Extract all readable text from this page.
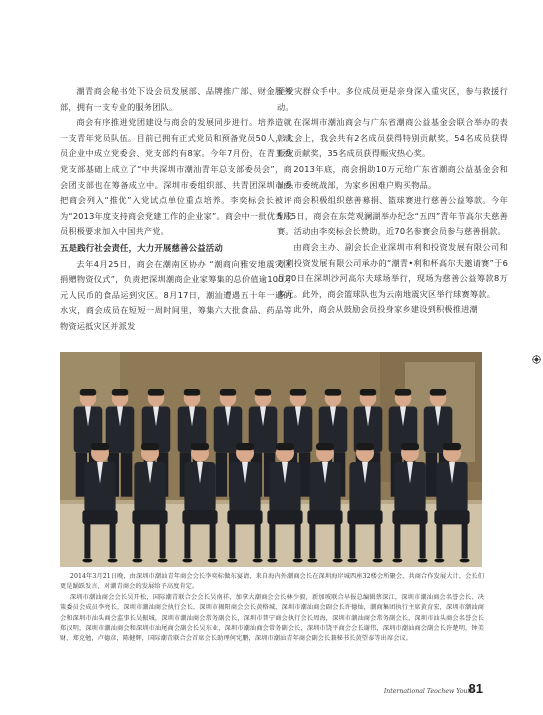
潮青商会秘书处下设会员发展部、品牌推广部、财金服务部，拥有一支专业的服务团队。

商会有序推进党团建设与商会的发展同步进行。培养造就一支青年党员队伍。目前已拥有正式党员和预备党员50人，成员企业中成立党委会、党支部约有8家。今年7月份，在青工委党支部基础上成立了“中共深圳市潮汕青年总支部委员会”，商会团支部也在筹备成立中。深圳市委组织部、共青团深圳市委把商会列入“推优”入党试点单位重点培养。李奕标会长被评为“2013年度支持商会党建工作的企业家”。商会中一批优秀成员积极要求加入中国共产党。

五是践行社会责任，大力开展慈善公益活动

去年4月25日，商会在潮南区协办 “潮商向雅安地震灾区捐赠物资仪式”，负责把深圳潮商企业家筹集的总价值逾100万元人民币的食品运到灾区。8月17日，潮汕遭遇五十年一遇的水灾，商会成员在短短一周时间里，筹集六大批食品、药品等物资运抵灾区并派发

至受灾群众手中。多位成员更是亲身深入重灾区，参与救援行动。

在深圳市潮汕商会与广东省潮商公益基金会联合举办的表彰大会上，我会共有2名成员获得特别贡献奖，54名成员获得赈灾贡献奖，35名成员获得赈灾热心奖。

2013年底，商会捐助10万元给广东省潮商公益基金会和汕头市委统战部，为家乡困难户购买物品。

商会积极组织慈善募捐、篮球赛进行慈善公益筹款。今年5月5日，商会在东莞观澜湖举办纪念“五四”青年节高尔夫慈善赛。活动由李奕标会长赞助，近70名参赛会员参与慈善捐款。

由商会主办、副会长企业深圳市利和投资发展有限公司和万利投资发展有限公司承办的“潮青•利和杯高尔夫邀请赛”于6月20日在深圳沙河高尔夫球场举行，现场为慈善公益筹款8万多元。此外，商会篮球队也为云南地震灾区举行球赛筹款。

此外，商会从鼓励会员投身家乡建设到积极推进潮

2014年3月21日晚，由深圳市潮汕青年商会会长李奕标做东宴请，来自海内外潮商会长在深圳海岸城西座32楼会所聚会，共商合作发展大计，会长们更是踊跃发言，对潮青商会的发展给予高度肯定。

深圳市潮汕商会会长吴开松，国际潮青联合会会长吴南祥，加拿大潮商会会长林少毅，新加坡联合早报总编辑蔡深江，深圳市潮汕商会名誉会长、决策委员会成员李亮长，深圳市潮汕商会执行会长、深圳市揭阳商会会长黄格城，深圳市潮汕商会副会长许德灿，潮商集团执行主席黄育宏，深圳市潮汕商会和深圳市汕头商会监事长吴振城，深圳市潮汕商会常务副会长，深圳市普宁商会执行会长周海，深圳市潮汕商会常务副会长，深圳市汕头商会名誉会长郑汉明，深圳市潮汕商会和深圳市汕尾商会副会长吴东业，深圳市潮汕商会常务副会长，深圳市饶平商会会长谢伟，深圳市潮汕商会副会长许楚明，钟美财，郑克勉，卢德彦，陈健辉，国际潮青联合会首席会长助理何宪鹏，深圳市潮汕青年商会副会长兼秘书长黄望泰等出席会议。

International Teochew Youth
81
